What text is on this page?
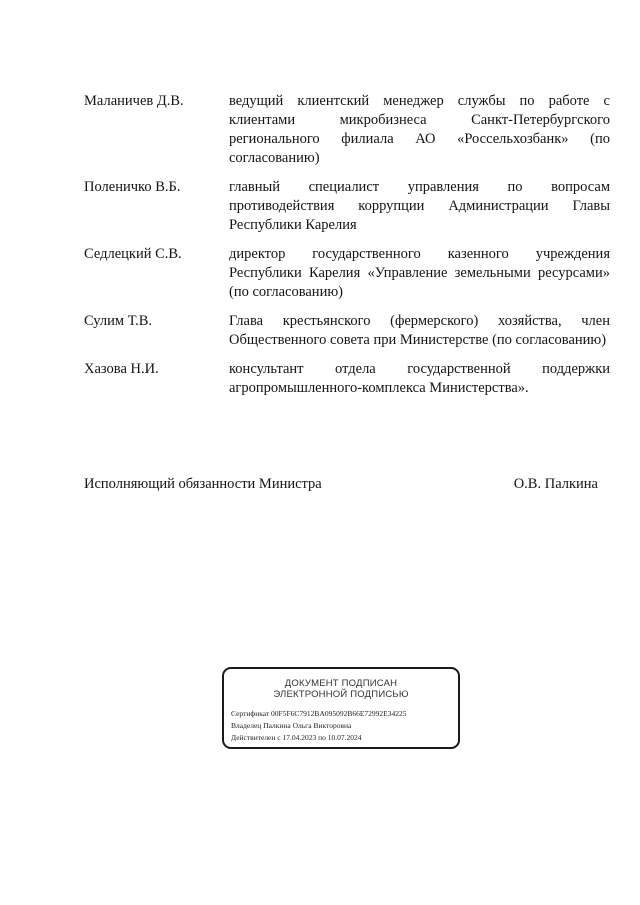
Маланичев Д.В.	ведущий клиентский менеджер службы по работе с клиентами микробизнеса Санкт-Петербургского регионального филиала АО «Россельхозбанк» (по согласованию)
Поленичко В.Б.	главный специалист управления по вопросам противодействия коррупции Администрации Главы Республики Карелия
Седлецкий С.В.	директор государственного казенного учреждения Республики Карелия «Управление земельными ресурсами» (по согласованию)
Сулим Т.В.	Глава крестьянского (фермерского) хозяйства, член Общественного совета при Министерстве (по согласованию)
Хазова Н.И.	консультант отдела государственной поддержки агропромышленного-комплекса Министерства».
Исполняющий обязанности Министра	О.В. Палкина
ДОКУМЕНТ ПОДПИСАН
ЭЛЕКТРОННОЙ ПОДПИСЬЮ
Сертификат 00F5F6C7912BA095092B66E72992E34225
Владелец Палкина Ольга Викторовна
Действителен с 17.04.2023 по 10.07.2024
